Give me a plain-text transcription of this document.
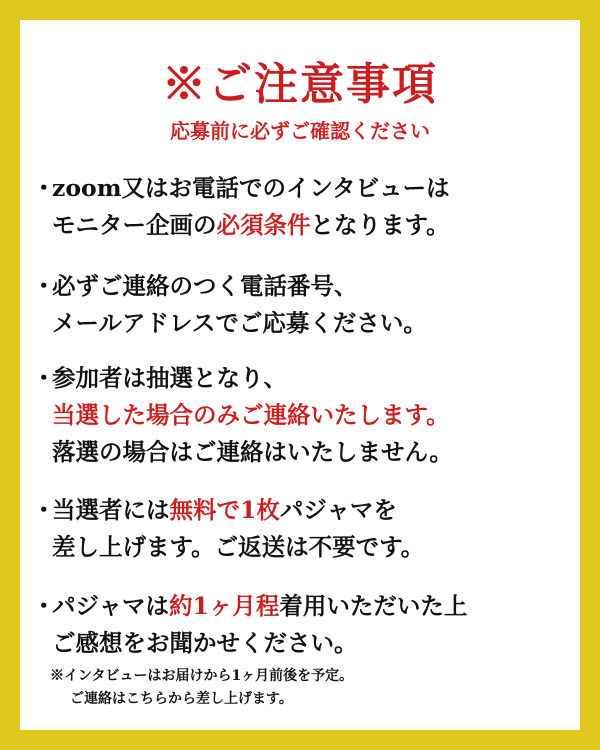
※ご注意事項
応募前に必ずご確認ください
・zoom又はお電話でのインタビューは
モニター企画の必須条件となります。
・必ずご連絡のつく電話番号、
メールアドレスでご応募ください。
・参加者は抽選となり、
当選した場合のみご連絡いたします。
落選の場合はご連絡はいたしません。
・当選者には無料で1枚パジャマを
差し上げます。ご返送は不要です。
・パジャマは約1ヶ月程着用いただいた上
ご感想をお聞かせください。
※インタビューはお届けから1ヶ月前後を予定。
ご連絡はこちらから差し上げます。
